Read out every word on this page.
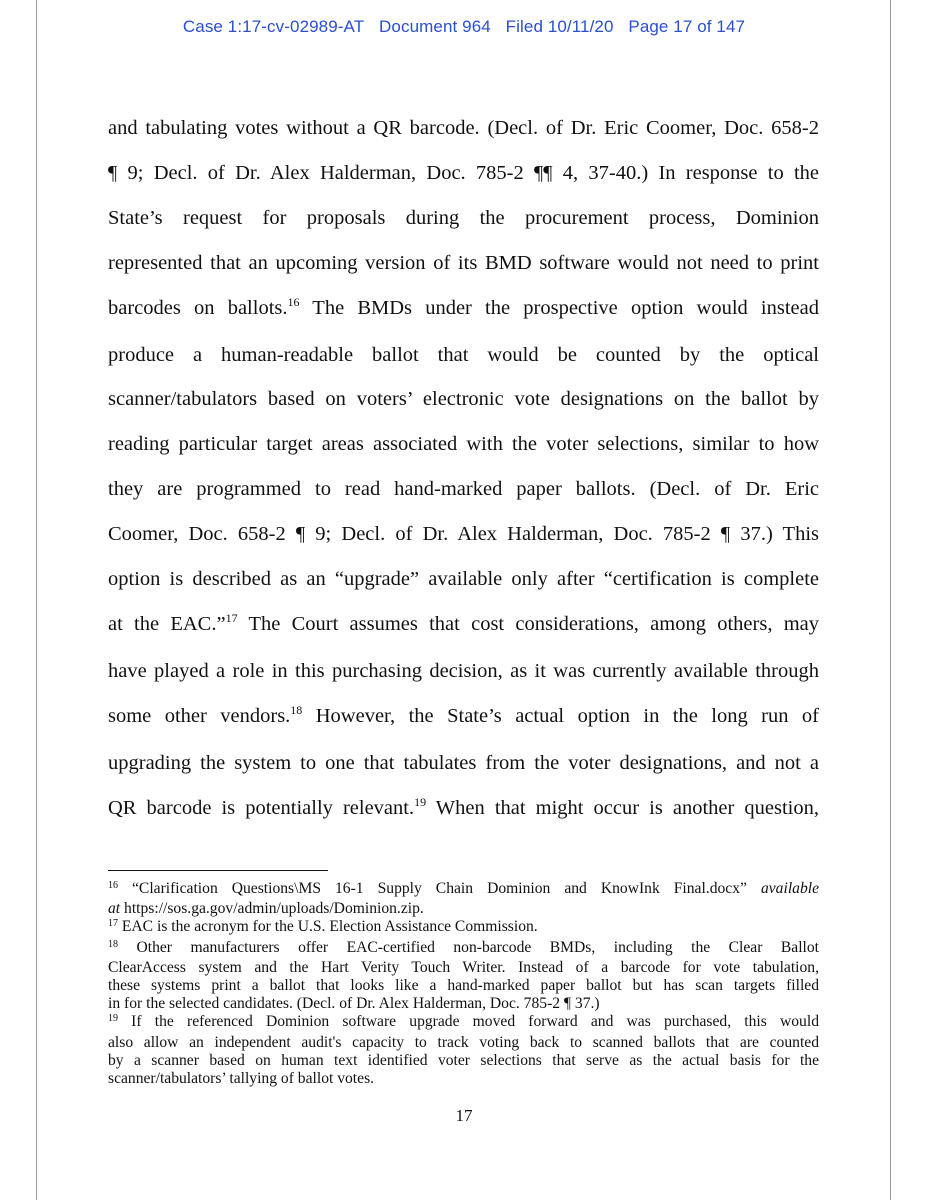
Case 1:17-cv-02989-AT Document 964 Filed 10/11/20 Page 17 of 147
and tabulating votes without a QR barcode. (Decl. of Dr. Eric Coomer, Doc. 658-2
¶ 9; Decl. of Dr. Alex Halderman, Doc. 785-2 ¶¶ 4, 37-40.) In response to the
State’s request for proposals during the procurement process, Dominion
represented that an upcoming version of its BMD software would not need to print
barcodes on ballots.$^{16}$ The BMDs under the prospective option would instead
produce a human-readable ballot that would be counted by the optical
scanner/tabulators based on voters’ electronic vote designations on the ballot by
reading particular target areas associated with the voter selections, similar to how
they are programmed to read hand-marked paper ballots. (Decl. of Dr. Eric
Coomer, Doc. 658-2 ¶ 9; Decl. of Dr. Alex Halderman, Doc. 785-2 ¶ 37.) This
option is described as an “upgrade” available only after “certification is complete
at the EAC.”$^{17}$ The Court assumes that cost considerations, among others, may
have played a role in this purchasing decision, as it was currently available through
some other vendors.$^{18}$ However, the State’s actual option in the long run of
upgrading the system to one that tabulates from the voter designations, and not a
QR barcode is potentially relevant.$^{19}$ When that might occur is another question,
$^{16}$ “Clarification Questions\MS 16-1 Supply Chain Dominion and KnowInk Final.docx” available
at https://sos.ga.gov/admin/uploads/Dominion.zip.
$^{17}$ EAC is the acronym for the U.S. Election Assistance Commission.
$^{18}$ Other manufacturers offer EAC-certified non-barcode BMDs, including the Clear Ballot
ClearAccess system and the Hart Verity Touch Writer. Instead of a barcode for vote tabulation,
these systems print a ballot that looks like a hand-marked paper ballot but has scan targets filled
in for the selected candidates. (Decl. of Dr. Alex Halderman, Doc. 785-2 ¶ 37.)
$^{19}$ If the referenced Dominion software upgrade moved forward and was purchased, this would
also allow an independent audit's capacity to track voting back to scanned ballots that are counted
by a scanner based on human text identified voter selections that serve as the actual basis for the
scanner/tabulators’ tallying of ballot votes.
17
